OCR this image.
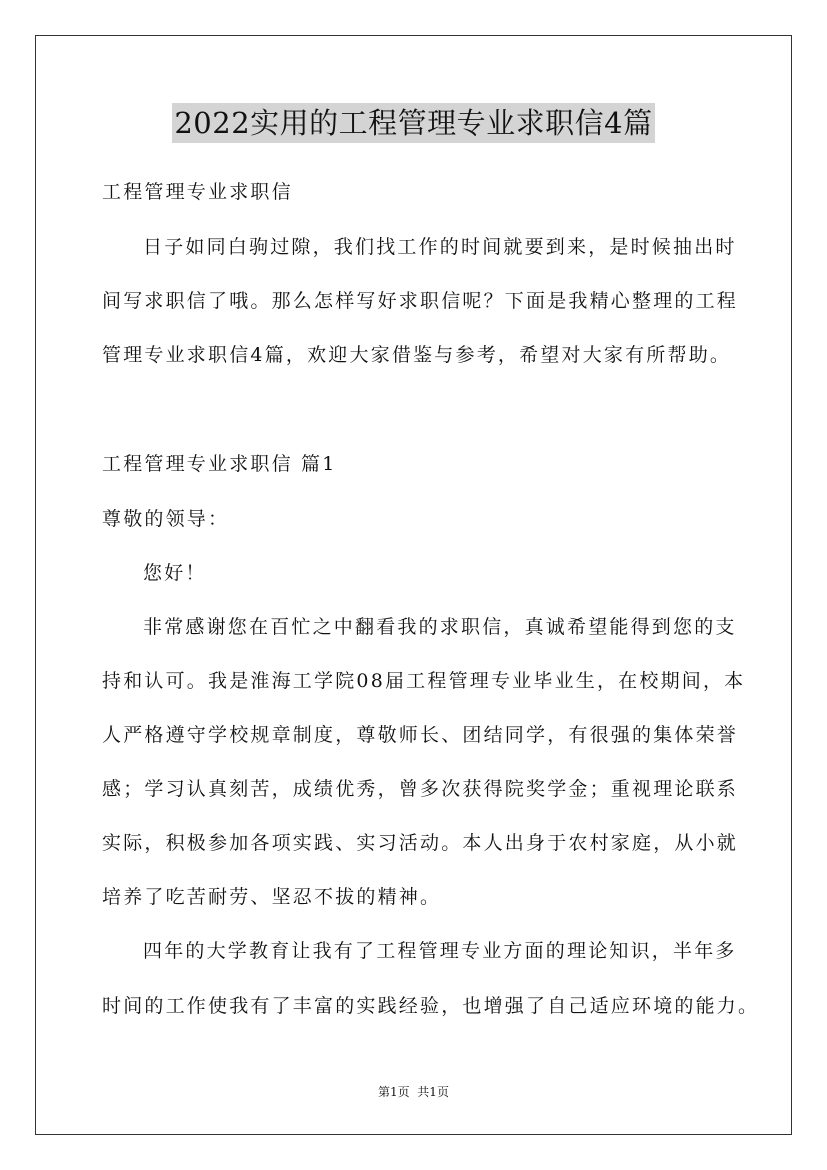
2022实用的工程管理专业求职信4篇
工程管理专业求职信
日子如同白驹过隙，我们找工作的时间就要到来，是时候抽出时
间写求职信了哦。那么怎样写好求职信呢？下面是我精心整理的工程
管理专业求职信4篇，欢迎大家借鉴与参考，希望对大家有所帮助。
工程管理专业求职信 篇1
尊敬的领导：
您好！
非常感谢您在百忙之中翻看我的求职信，真诚希望能得到您的支
持和认可。我是淮海工学院08届工程管理专业毕业生，在校期间，本
人严格遵守学校规章制度，尊敬师长、团结同学，有很强的集体荣誉
感；学习认真刻苦，成绩优秀，曾多次获得院奖学金；重视理论联系
实际，积极参加各项实践、实习活动。本人出身于农村家庭，从小就
培养了吃苦耐劳、坚忍不拔的精神。
四年的大学教育让我有了工程管理专业方面的理论知识，半年多
时间的工作使我有了丰富的实践经验，也增强了自己适应环境的能力。
第1页  共1页
